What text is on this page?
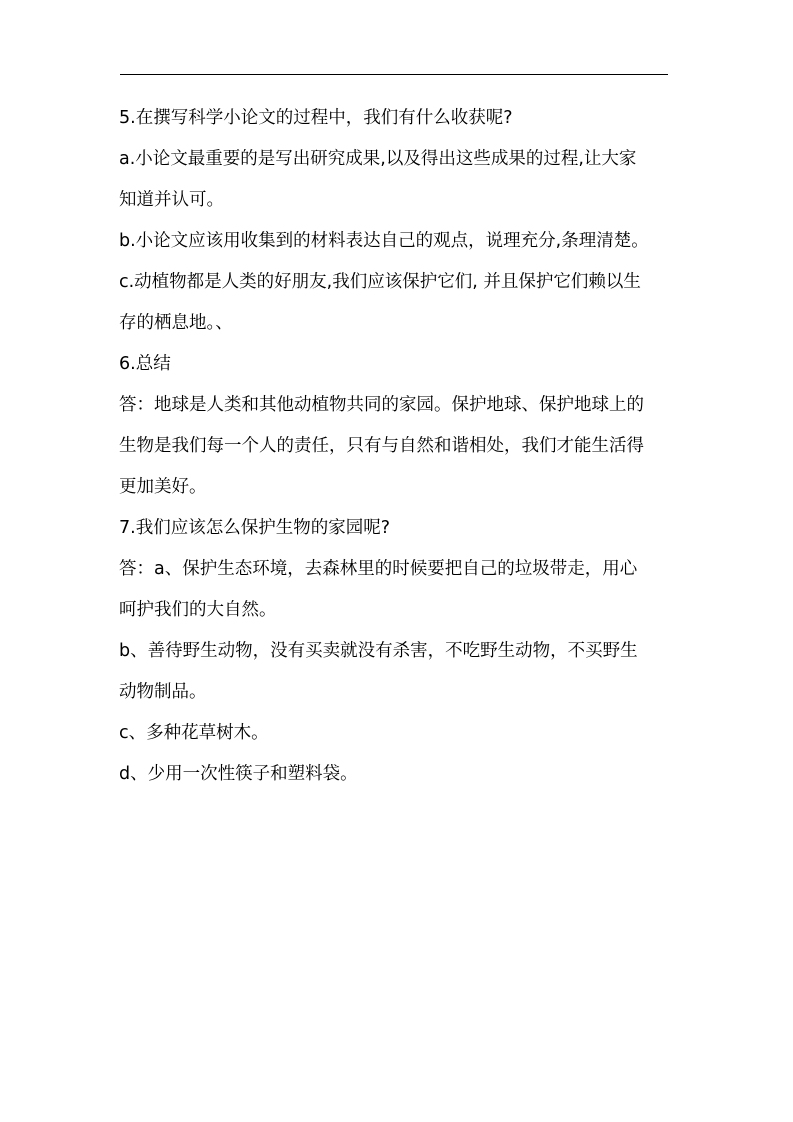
5.在撰写科学小论文的过程中，我们有什么收获呢?
a.小论文最重要的是写出研究成果,以及得出这些成果的过程,让大家
知道并认可。
b.小论文应该用收集到的材料表达自己的观点，说理充分,条理清楚。
c.动植物都是人类的好朋友,我们应该保护它们, 并且保护它们赖以生
存的栖息地。、
6.总结
答：地球是人类和其他动植物共同的家园。保护地球、保护地球上的
生物是我们每一个人的责任，只有与自然和谐相处，我们才能生活得
更加美好。
7.我们应该怎么保护生物的家园呢?
答：a、保护生态环境，去森林里的时候要把自己的垃圾带走，用心
呵护我们的大自然。
b、善待野生动物，没有买卖就没有杀害，不吃野生动物，不买野生
动物制品。
c、多种花草树木。
d、少用一次性筷子和塑料袋。
